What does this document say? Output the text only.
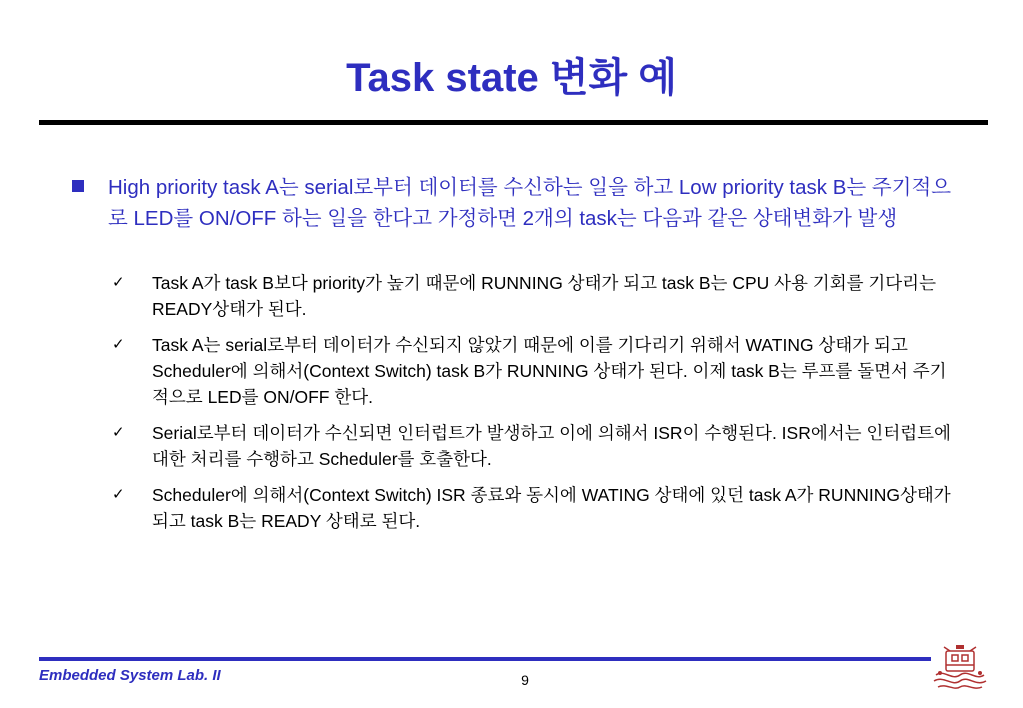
Task state 변화 예
High priority task A는 serial로부터 데이터를 수신하는 일을 하고 Low priority task B는 주기적으로 LED를 ON/OFF 하는 일을 한다고 가정하면 2개의 task는 다음과 같은 상태변화가 발생
✓ Task A가 task B보다 priority가 높기 때문에 RUNNING 상태가 되고 task B는 CPU 사용 기회를 기다리는 READY상태가 된다.
✓ Task A는 serial로부터 데이터가 수신되지 않았기 때문에 이를 기다리기 위해서 WATING 상태가 되고 Scheduler에 의해서(Context Switch) task B가 RUNNING 상태가 된다. 이제 task B는 루프를 돌면서 주기적으로 LED를 ON/OFF 한다.
✓ Serial로부터 데이터가 수신되면 인터럽트가 발생하고 이에 의해서 ISR이 수행된다. ISR에서는 인터럽트에 대한 처리를 수행하고 Scheduler를 호출한다.
✓ Scheduler에 의해서(Context Switch) ISR 종료와 동시에 WATING 상태에 있던 task A가 RUNNING상태가 되고 task B는 READY 상태로 된다.
Embedded System Lab. II	9
